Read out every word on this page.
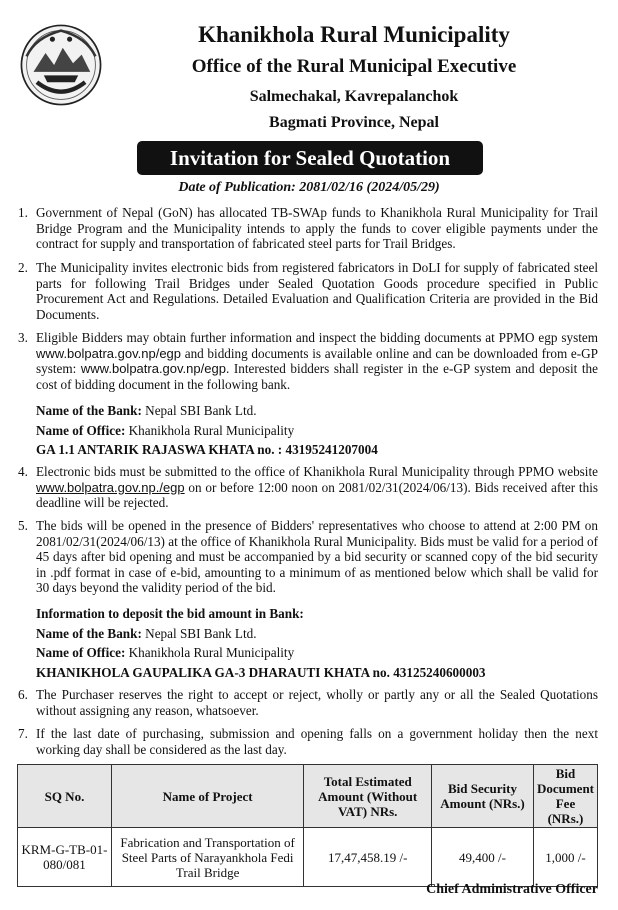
Khanikhola Rural Municipality
Office of the Rural Municipal Executive
Salmechakal, Kavrepalanchok
Bagmati Province, Nepal
Invitation for Sealed Quotation
Date of Publication: 2081/02/16 (2024/05/29)
1. Government of Nepal (GoN) has allocated TB-SWAp funds to Khanikhola Rural Municipality for Trail Bridge Program and the Municipality intends to apply the funds to cover eligible payments under the contract for supply and transportation of fabricated steel parts for Trail Bridges.
2. The Municipality invites electronic bids from registered fabricators in DoLI for supply of fabricated steel parts for following Trail Bridges under Sealed Quotation Goods procedure specified in Public Procurement Act and Regulations. Detailed Evaluation and Qualification Criteria are provided in the Bid Documents.
3. Eligible Bidders may obtain further information and inspect the bidding documents at PPMO egp system www.bolpatra.gov.np/egp and bidding documents is available online and can be downloaded from e-GP system: www.bolpatra.gov.np/egp. Interested bidders shall register in the e-GP system and deposit the cost of bidding document in the following bank.
Name of the Bank: Nepal SBI Bank Ltd.
Name of Office: Khanikhola Rural Municipality
GA 1.1 ANTARIK RAJASWA KHATA no. : 43195241207004
4. Electronic bids must be submitted to the office of Khanikhola Rural Municipality through PPMO website www.bolpatra.gov.np./egp on or before 12:00 noon on 2081/02/31(2024/06/13). Bids received after this deadline will be rejected.
5. The bids will be opened in the presence of Bidders' representatives who choose to attend at 2:00 PM on 2081/02/31(2024/06/13) at the office of Khanikhola Rural Municipality. Bids must be valid for a period of 45 days after bid opening and must be accompanied by a bid security or scanned copy of the bid security in .pdf format in case of e-bid, amounting to a minimum of as mentioned below which shall be valid for 30 days beyond the validity period of the bid.
Information to deposit the bid amount in Bank:
Name of the Bank: Nepal SBI Bank Ltd.
Name of Office: Khanikhola Rural Municipality
KHANIKHOLA GAUPALIKA GA-3 DHARAUTI KHATA no. 43125240600003
6. The Purchaser reserves the right to accept or reject, wholly or partly any or all the Sealed Quotations without assigning any reason, whatsoever.
7. If the last date of purchasing, submission and opening falls on a government holiday then the next working day shall be considered as the last day.
SQ No.	Name of Project	Total Estimated Amount (Without VAT) NRs.	Bid Security Amount (NRs.)	Bid Document Fee (NRs.)
KRM-G-TB-01-080/081	Fabrication and Transportation of Steel Parts of Narayankhola Fedi Trail Bridge	17,47,458.19 /-	49,400 /-	1,000 /-
Chief Administrative Officer
